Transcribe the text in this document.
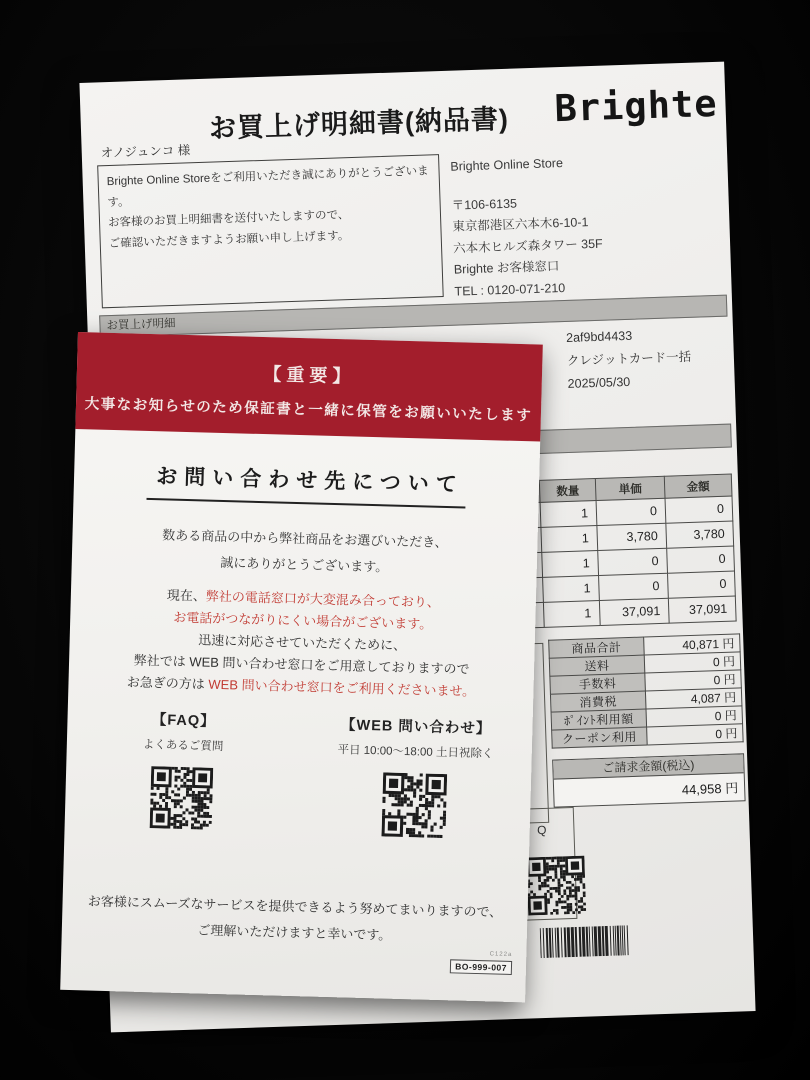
お買上げ明細書(納品書) Brighte
オノジュンコ 様
Brighte Online Storeをご利用いただき誠にありがとうございます。
お客様のお買上明細書を送付いたしますので、
ご確認いただきますようお願い申し上げます。
Brighte Online Store
〒106-6135
東京都港区六本木6-10-1
六本木ヒルズ森タワー 35F
Brighte お客様窓口
TEL : 0120-071-210
お買上げ明細
2af9bd4433
クレジットカード一括
2025/05/30
	数量	単価	金額
	1	0	0
	1	3,780	3,780
	1	0	0
	1	0	0
	1	37,091	37,091
商品合計	40,871 円
送料	0 円
手数料	0 円
消費税	4,087 円
ﾎﾟｲﾝﾄ利用額	0 円
クーポン利用	0 円
ご請求金額(税込)
44,958 円
Q
【重要】
大事なお知らせのため保証書と一緒に保管をお願いいたします
お問い合わせ先について
数ある商品の中から弊社商品をお選びいただき、
誠にありがとうございます。
現在、弊社の電話窓口が大変混み合っており、
お電話がつながりにくい場合がございます。
迅速に対応させていただくために、
弊社では WEB 問い合わせ窓口をご用意しておりますので
お急ぎの方は WEB 問い合わせ窓口をご利用くださいませ。
【FAQ】
よくあるご質問
【WEB 問い合わせ】
平日 10:00〜18:00 土日祝除く
お客様にスムーズなサービスを提供できるよう努めてまいりますので、
ご理解いただけますと幸いです。
C122a
BO-999-007
